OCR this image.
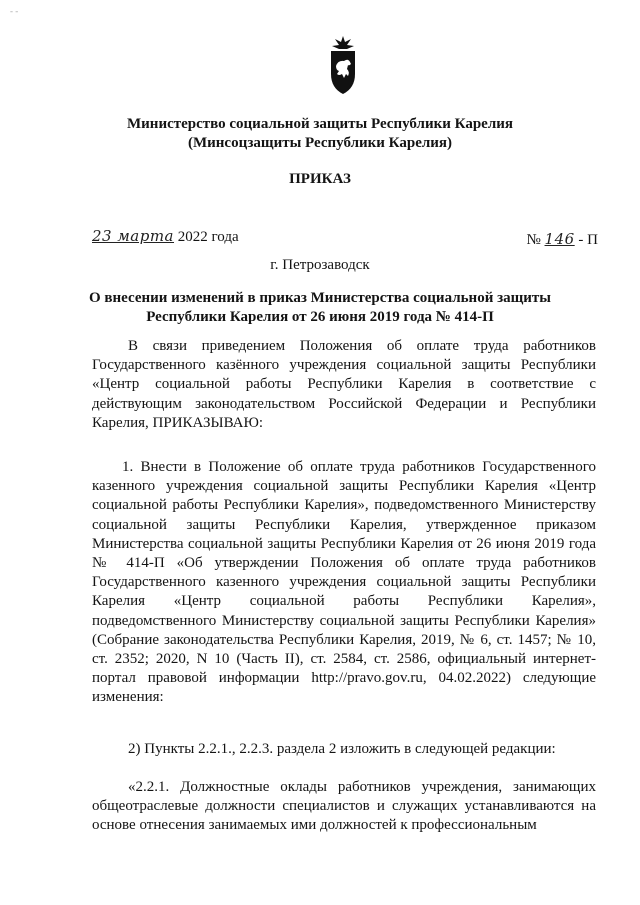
- -
Министерство социальной защиты Республики Карелия
(Минсоцзащиты Республики Карелия)
ПРИКАЗ
23 марта 2022 года	№ 146 - П
г. Петрозаводск
О внесении изменений в приказ Министерства социальной защиты
Республики Карелия от 26 июня 2019 года № 414-П

В связи приведением Положения об оплате труда работников Государственного казённого учреждения социальной защиты Республики «Центр социальной работы Республики Карелия в соответствие с действующим законодательством Российской Федерации и Республики Карелия, ПРИКАЗЫВАЮ:

1. Внести в Положение об оплате труда работников Государственного казенного учреждения социальной защиты Республики Карелия «Центр социальной работы Республики Карелия», подведомственного Министерству социальной защиты Республики Карелия, утвержденное приказом Министерства социальной защиты Республики Карелия от 26 июня 2019 года № 414-П «Об утверждении Положения об оплате труда работников Государственного казенного учреждения социальной защиты Республики Карелия «Центр социальной работы Республики Карелия», подведомственного Министерству социальной защиты Республики Карелия» (Собрание законодательства Республики Карелия, 2019, № 6, ст. 1457; № 10, ст. 2352; 2020, N 10 (Часть II), ст. 2584, ст. 2586, официальный интернет-портал правовой информации http://pravo.gov.ru, 04.02.2022) следующие изменения:

2) Пункты 2.2.1., 2.2.3. раздела 2 изложить в следующей редакции:

«2.2.1. Должностные оклады работников учреждения, занимающих общеотраслевые должности специалистов и служащих устанавливаются на основе отнесения занимаемых ими должностей к профессиональным
